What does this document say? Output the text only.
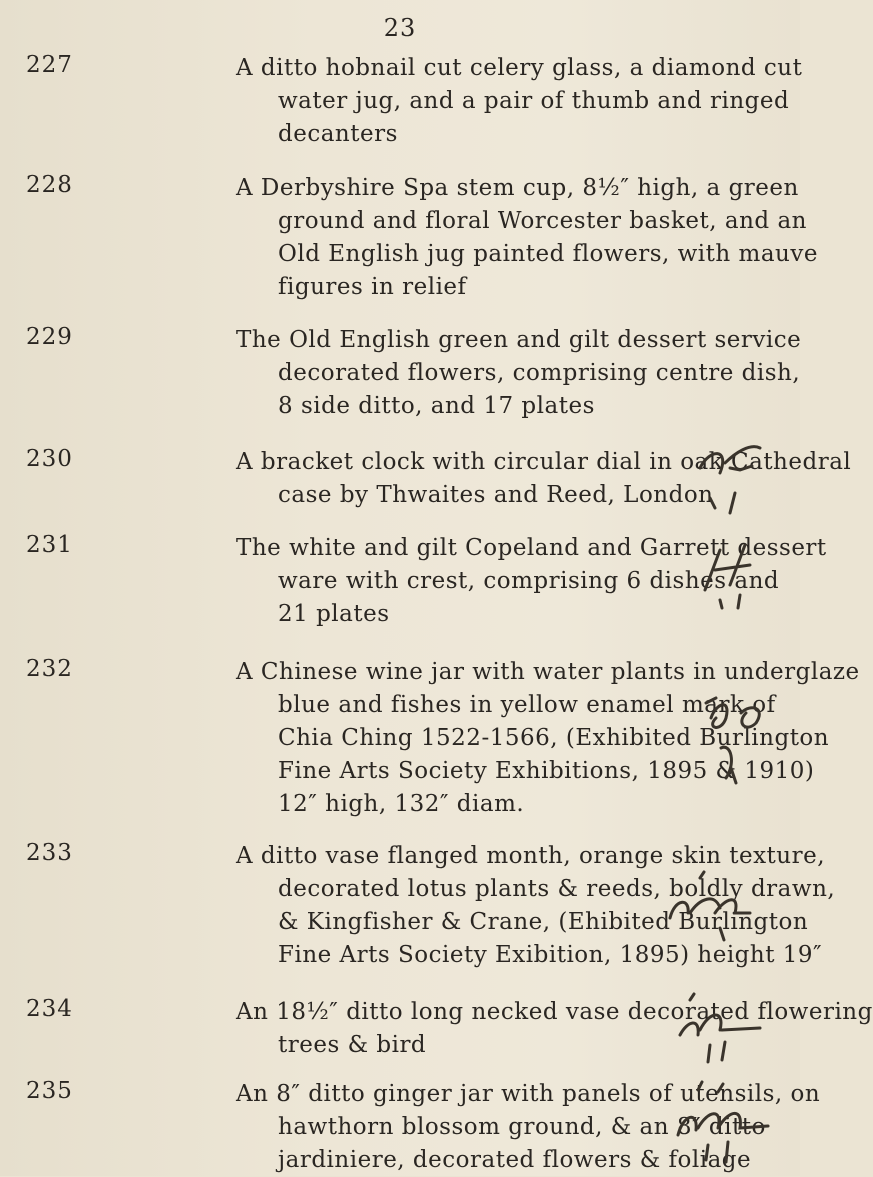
23
227	A ditto hobnail cut celery glass, a diamond cut
water jug, and a pair of thumb and ringed
decanters
228	A Derbyshire Spa stem cup, 8½″ high, a green
ground and floral Worcester basket, and an
Old English jug painted flowers, with mauve
figures in relief
229	The Old English green and gilt dessert service
decorated flowers, comprising centre dish,
8 side ditto, and 17 plates
230	A bracket clock with circular dial in oak Cathedral
case by Thwaites and Reed, London
231	The white and gilt Copeland and Garrett dessert
ware with crest, comprising 6 dishes and
21 plates
232	A Chinese wine jar with water plants in underglaze
blue and fishes in yellow enamel mark of
Chia Ching 1522-1566, (Exhibited Burlington
Fine Arts Society Exhibitions, 1895 & 1910)
12″ high, 132″ diam.
233	A ditto vase flanged month, orange skin texture,
decorated lotus plants & reeds, boldly drawn,
& Kingfisher & Crane, (Ehibited Burlington
Fine Arts Society Exibition, 1895) height 19″
234	An 18½″ ditto long necked vase decorated flowering
trees & bird
235	An 8″ ditto ginger jar with panels of utensils, on
hawthorn blossom ground, & an 8″ ditto
jardiniere, decorated flowers & foliage
